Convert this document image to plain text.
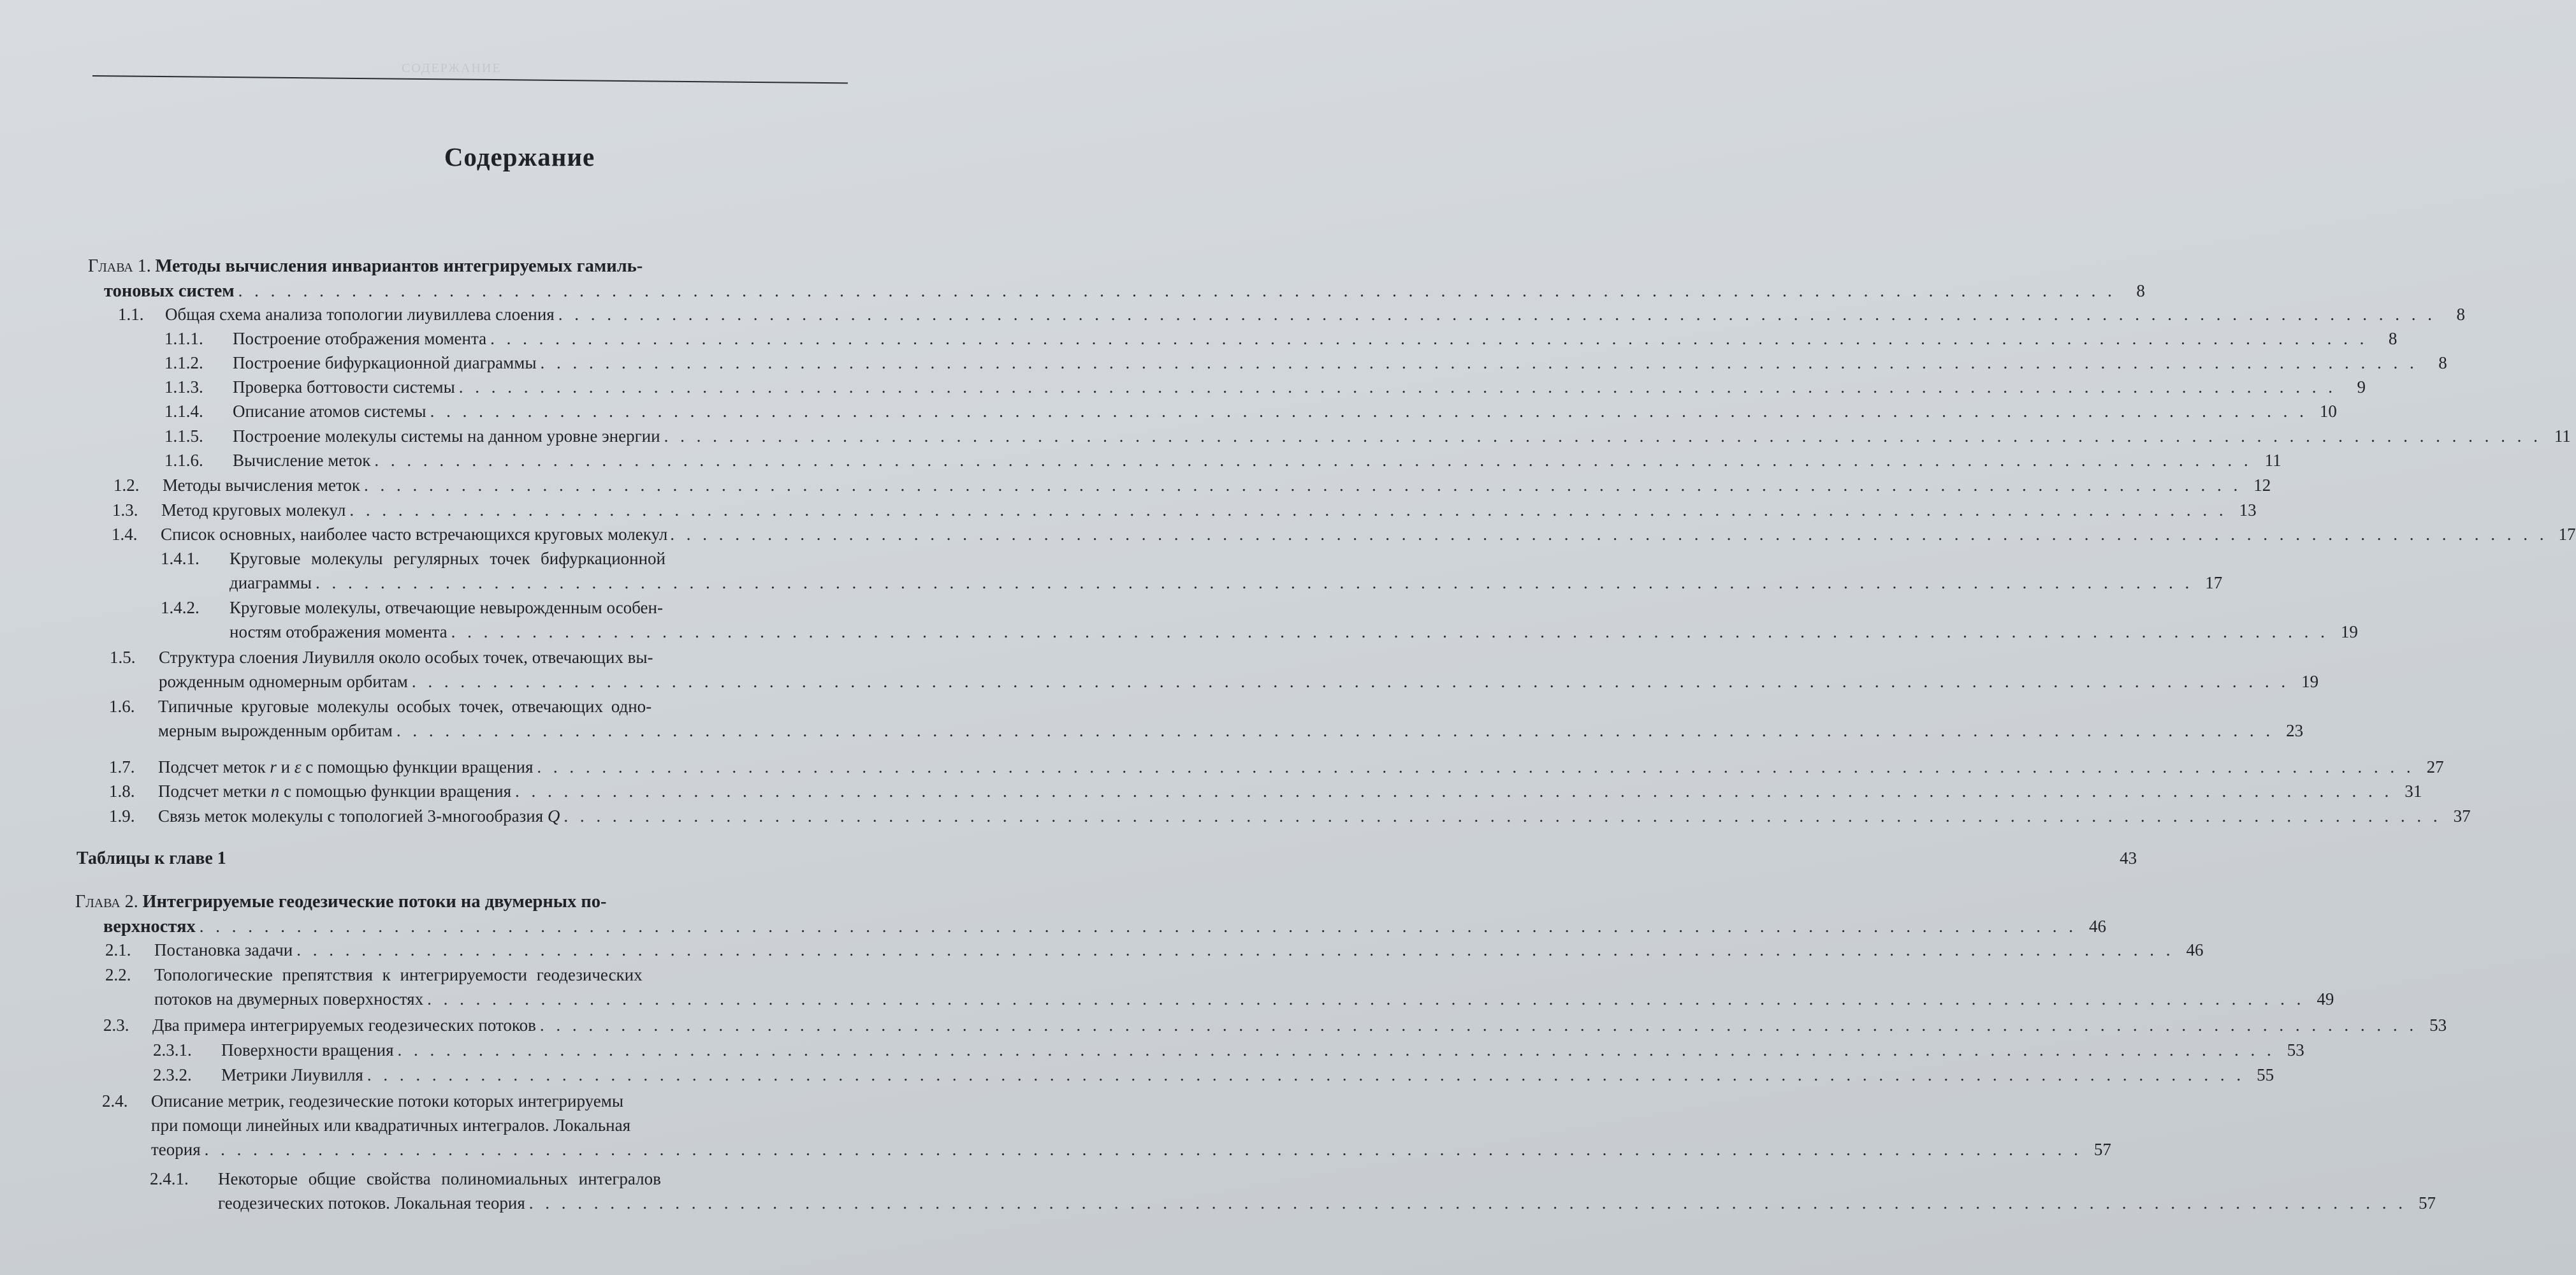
СОДЕРЖАНИЕ
Содержание
Глава 1.
Методы вычисления инвариантов интегрируемых гамиль-
тоновых систем . . .	8
1.1.	Общая схема анализа топологии лиувиллева слоения . . .	8
1.1.1.	Построение отображения момента . . .	8
1.1.2.	Построение бифуркационной диаграммы . . .	8
1.1.3.	Проверка боттовости системы . . .	9
1.1.4.	Описание атомов системы . . .	10
1.1.5.	Построение молекулы системы на данном уровне энергии . . .	11
1.1.6.	Вычисление меток . . .	11
1.2.	Методы вычисления меток . . .	12
1.3.	Метод круговых молекул . . .	13
1.4.	Список основных, наиболее часто встречающихся круговых молекул . . .	17
1.4.1.	Круговые молекулы регулярных точек бифуркационной
диаграммы . . .	17
1.4.2.	Круговые молекулы, отвечающие невырожденным особен-
ностям отображения момента . . .	19
1.5.	Структура слоения Лиувилля около особых точек, отвечающих вы-
рожденным одномерным орбитам . . .	19
1.6.	Типичные круговые молекулы особых точек, отвечающих одно-
мерным вырожденным орбитам . . .	23
1.7.	Подсчет меток r и ε с помощью функции вращения . . .	27
1.8.	Подсчет метки n с помощью функции вращения . . .	31
1.9.	Связь меток молекулы с топологией 3-многообразия Q . . .	37
Таблицы к главе 1	43
Глава 2.
Интегрируемые геодезические потоки на двумерных по-
верхностях . . .	46
2.1.	Постановка задачи . . .	46
2.2.	Топологические препятствия к интегрируемости геодезических
потоков на двумерных поверхностях . . .	49
2.3.	Два примера интегрируемых геодезических потоков . . .	53
2.3.1.	Поверхности вращения . . .	53
2.3.2.	Метрики Лиувилля . . .	55
2.4.	Описание метрик, геодезические потоки которых интегрируемы
при помощи линейных или квадратичных интегралов. Локальная
теория . . .	57
2.4.1.	Некоторые общие свойства полиномиальных интегралов
геодезических потоков. Локальная теория . . .	57
